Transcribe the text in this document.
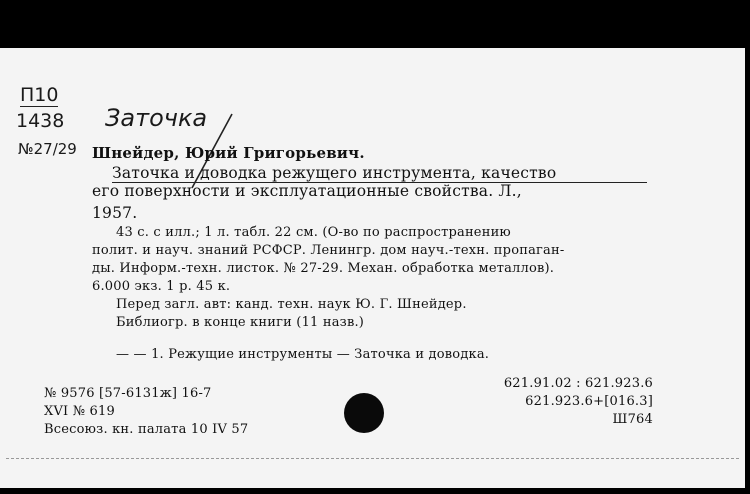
П10
1438
№27/29
Заточка
Шнейдер, Юрий Григорьевич.
Заточка и доводка режущего инструмента, качество
его поверхности и эксплуатационные свойства. Л.,
1957.
43 с. с илл.; 1 л. табл. 22 см. (О-во по распространению
полит. и науч. знаний РСФСР. Ленингр. дом науч.-техн. пропаган-
ды. Информ.-техн. листок. № 27-29. Механ. обработка металлов).
6.000 экз. 1 р. 45 к.
Перед загл. авт: канд. техн. наук Ю. Г. Шнейдер.
Библиогр. в конце книги (11 назв.)
— — 1. Режущие инструменты — Заточка и доводка.
№ 9576 [57-6131ж] 16-7
XVI № 619
Всесоюз. кн. палата 10 IV 57
621.91.02 : 621.923.6
621.923.6+[016.3]
Ш764
